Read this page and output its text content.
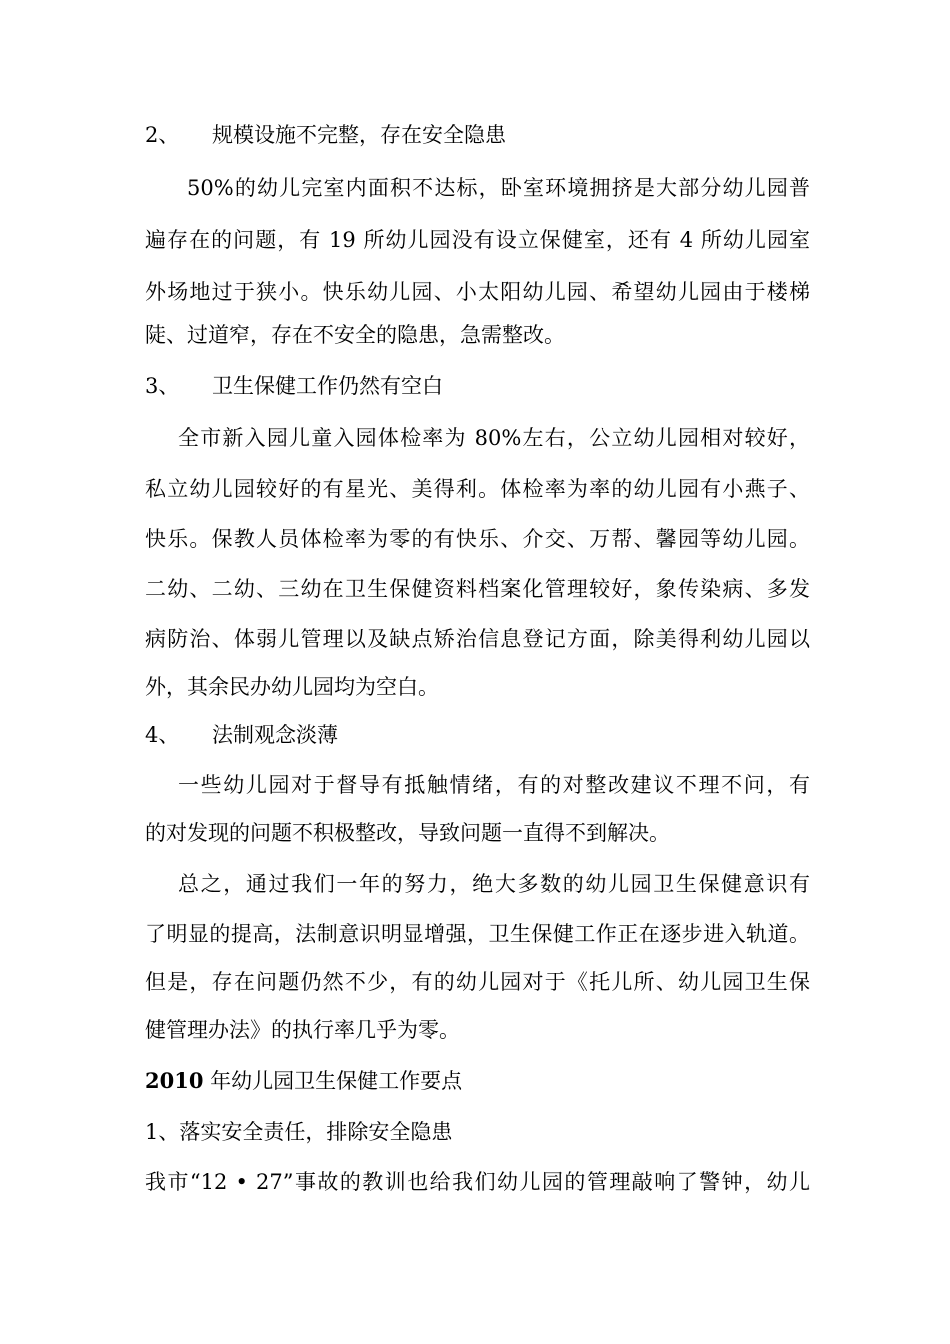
2、 规模设施不完整，存在安全隐患
50%的幼儿完室内面积不达标，卧室环境拥挤是大部分幼儿园普
遍存在的问题，有 19 所幼儿园没有设立保健室，还有 4 所幼儿园室
外场地过于狭小。快乐幼儿园、小太阳幼儿园、希望幼儿园由于楼梯
陡、过道窄，存在不安全的隐患，急需整改。
3、 卫生保健工作仍然有空白
全市新入园儿童入园体检率为 80%左右，公立幼儿园相对较好，
私立幼儿园较好的有星光、美得利。体检率为率的幼儿园有小燕子、
快乐。保教人员体检率为零的有快乐、介交、万帮、馨园等幼儿园。
二幼、二幼、三幼在卫生保健资料档案化管理较好，象传染病、多发
病防治、体弱儿管理以及缺点矫治信息登记方面，除美得利幼儿园以
外，其余民办幼儿园均为空白。
4、 法制观念淡薄
一些幼儿园对于督导有抵触情绪，有的对整改建议不理不问，有
的对发现的问题不积极整改，导致问题一直得不到解决。
总之，通过我们一年的努力，绝大多数的幼儿园卫生保健意识有
了明显的提高，法制意识明显增强，卫生保健工作正在逐步进入轨道。
但是，存在问题仍然不少，有的幼儿园对于《托儿所、幼儿园卫生保
健管理办法》的执行率几乎为零。
2010 年幼儿园卫生保健工作要点
1、落实安全责任，排除安全隐患
我市“12 • 27”事故的教训也给我们幼儿园的管理敲响了警钟，幼儿
